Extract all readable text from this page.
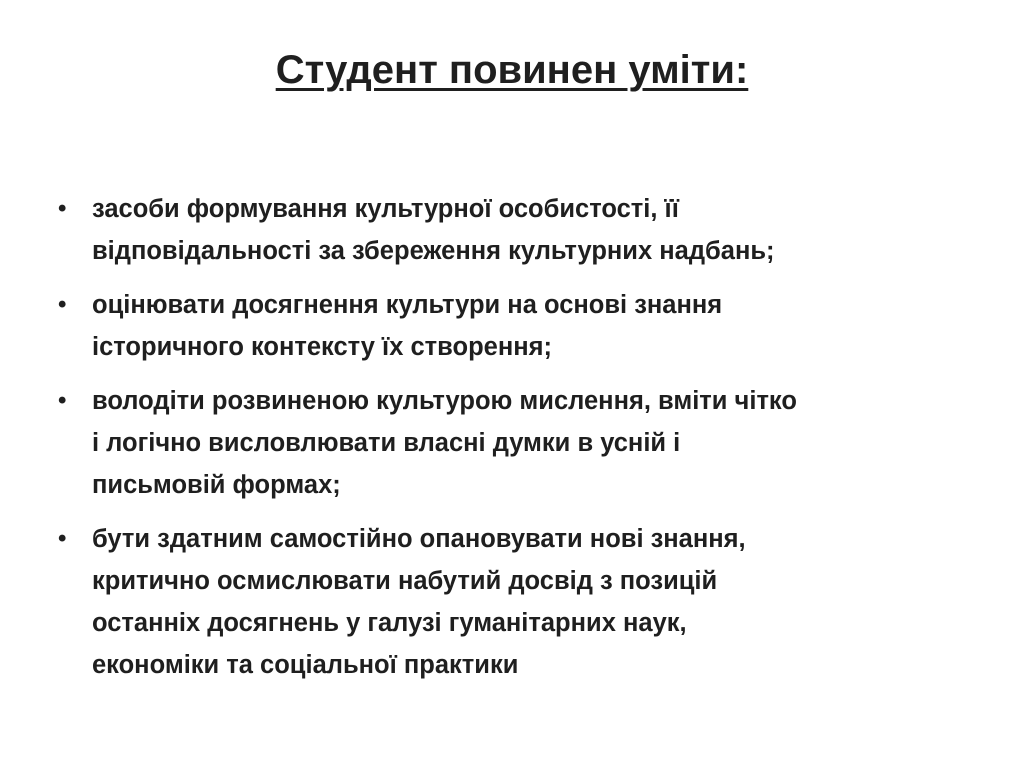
Студент повинен уміти:
•	засоби формування культурної особистості, її
відповідальності за збереження культурних надбань;
•	оцінювати досягнення культури на основі знання
історичного контексту їх створення;
•	володіти розвиненою культурою мислення, вміти чітко
і логічно висловлювати власні думки в усній і
письмовій формах;
•	бути здатним самостійно опановувати нові знання,
критично осмислювати набутий досвід з позицій
останніх досягнень у галузі гуманітарних наук,
економіки та соціальної практики
